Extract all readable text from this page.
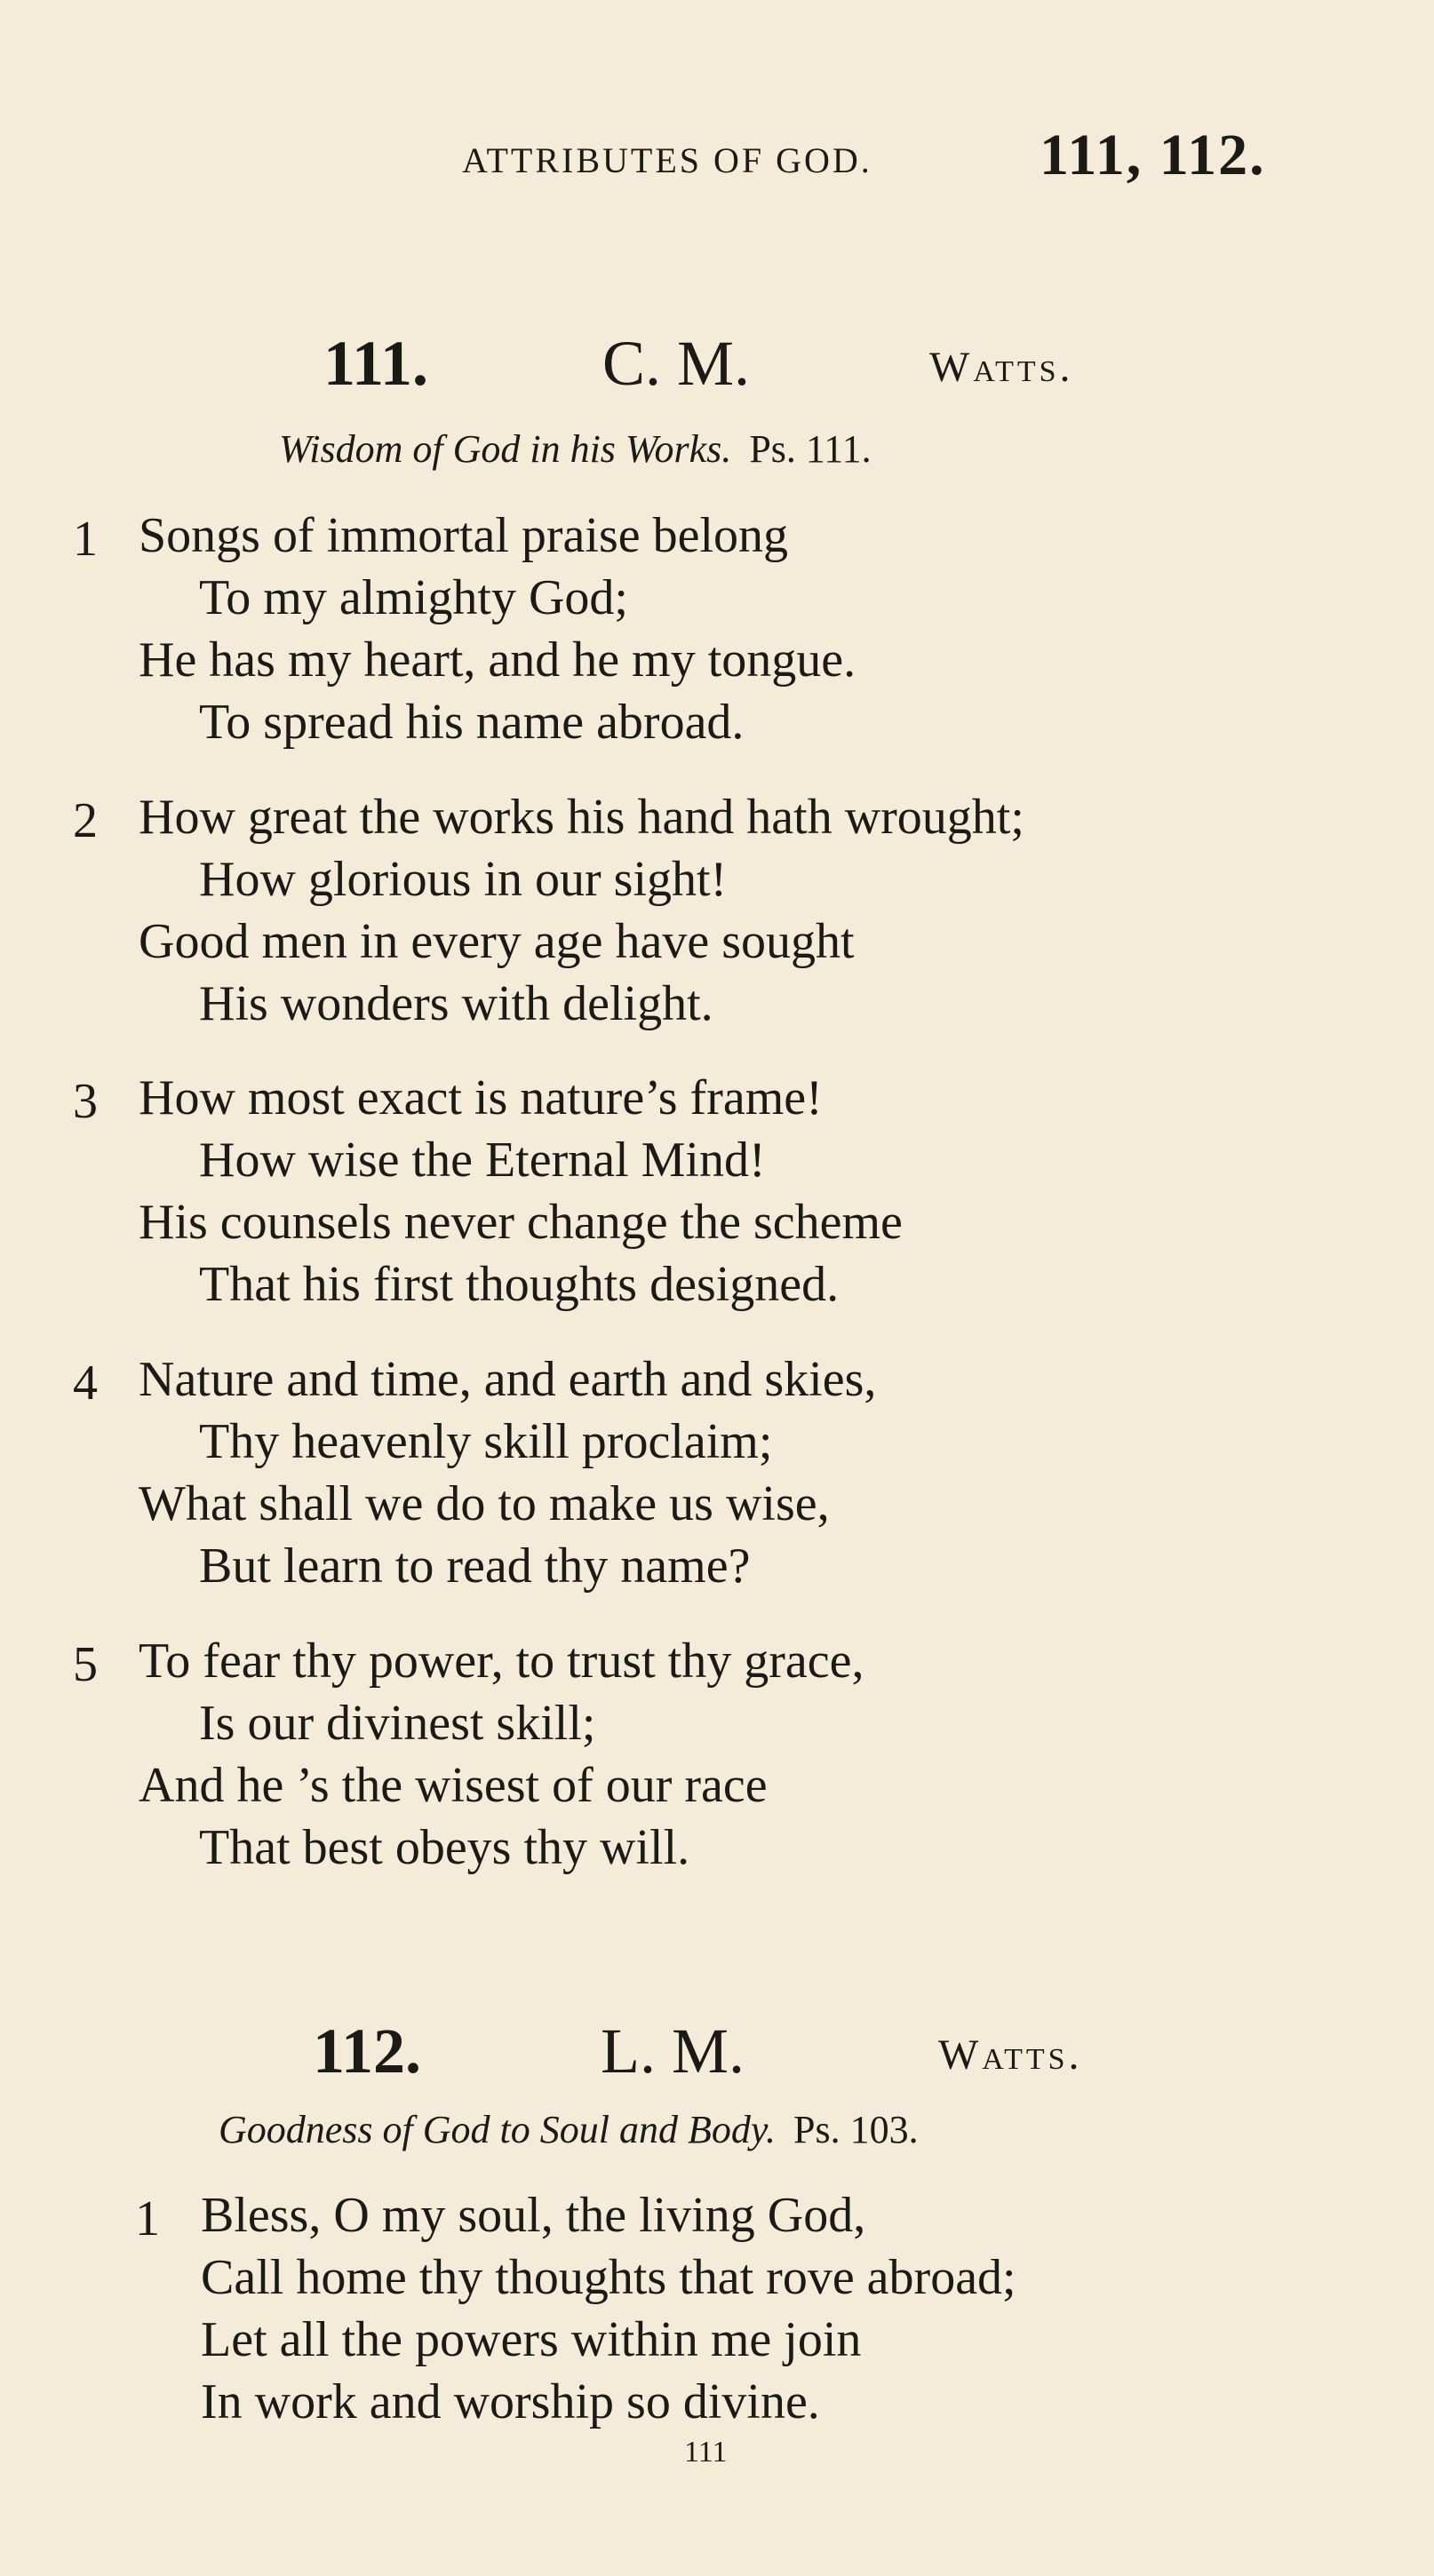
ATTRIBUTES OF GOD.	111, 112.
111.	C. M.	Watts.
Wisdom of God in his Works. Ps. 111.
1 Songs of immortal praise belong
To my almighty God;
He has my heart, and he my tongue.
To spread his name abroad.
2 How great the works his hand hath wrought;
How glorious in our sight!
Good men in every age have sought
His wonders with delight.
3 How most exact is nature’s frame!
How wise the Eternal Mind!
His counsels never change the scheme
That his first thoughts designed.
4 Nature and time, and earth and skies,
Thy heavenly skill proclaim;
What shall we do to make us wise,
But learn to read thy name?
5 To fear thy power, to trust thy grace,
Is our divinest skill;
And he ’s the wisest of our race
That best obeys thy will.
112.	L. M.	Watts.
Goodness of God to Soul and Body. Ps. 103.
1 Bless, O my soul, the living God,
Call home thy thoughts that rove abroad;
Let all the powers within me join
In work and worship so divine.
111
